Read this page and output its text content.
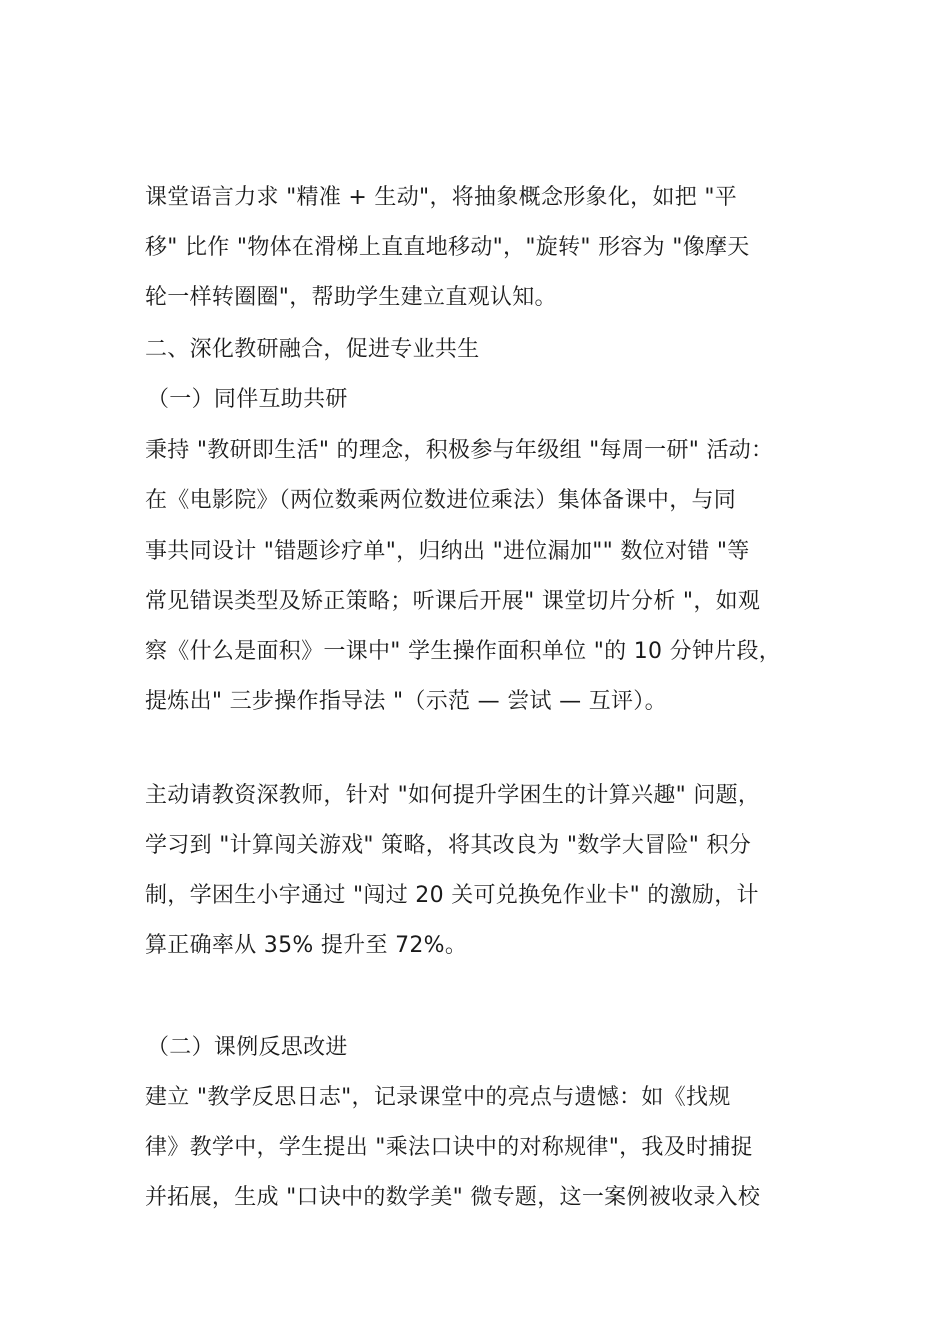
课堂语言力求 "精准 + 生动"，将抽象概念形象化，如把 "平
移" 比作 "物体在滑梯上直直地移动"，"旋转" 形容为 "像摩天
轮一样转圈圈"，帮助学生建立直观认知。
二、深化教研融合，促进专业共生
（一）同伴互助共研
秉持 "教研即生活" 的理念，积极参与年级组 "每周一研" 活动：
在《电影院》（两位数乘两位数进位乘法）集体备课中，与同
事共同设计 "错题诊疗单"，归纳出 "进位漏加"" 数位对错 "等
常见错误类型及矫正策略；听课后开展" 课堂切片分析 "，如观
察《什么是面积》一课中" 学生操作面积单位 "的 10 分钟片段，
提炼出" 三步操作指导法 "（示范 — 尝试 — 互评）。
主动请教资深教师，针对 "如何提升学困生的计算兴趣" 问题，
学习到 "计算闯关游戏" 策略，将其改良为 "数学大冒险" 积分
制，学困生小宇通过 "闯过 20 关可兑换免作业卡" 的激励，计
算正确率从 35% 提升至 72%。
（二）课例反思改进
建立 "教学反思日志"，记录课堂中的亮点与遗憾：如《找规
律》教学中，学生提出 "乘法口诀中的对称规律"，我及时捕捉
并拓展，生成 "口诀中的数学美" 微专题，这一案例被收录入校
